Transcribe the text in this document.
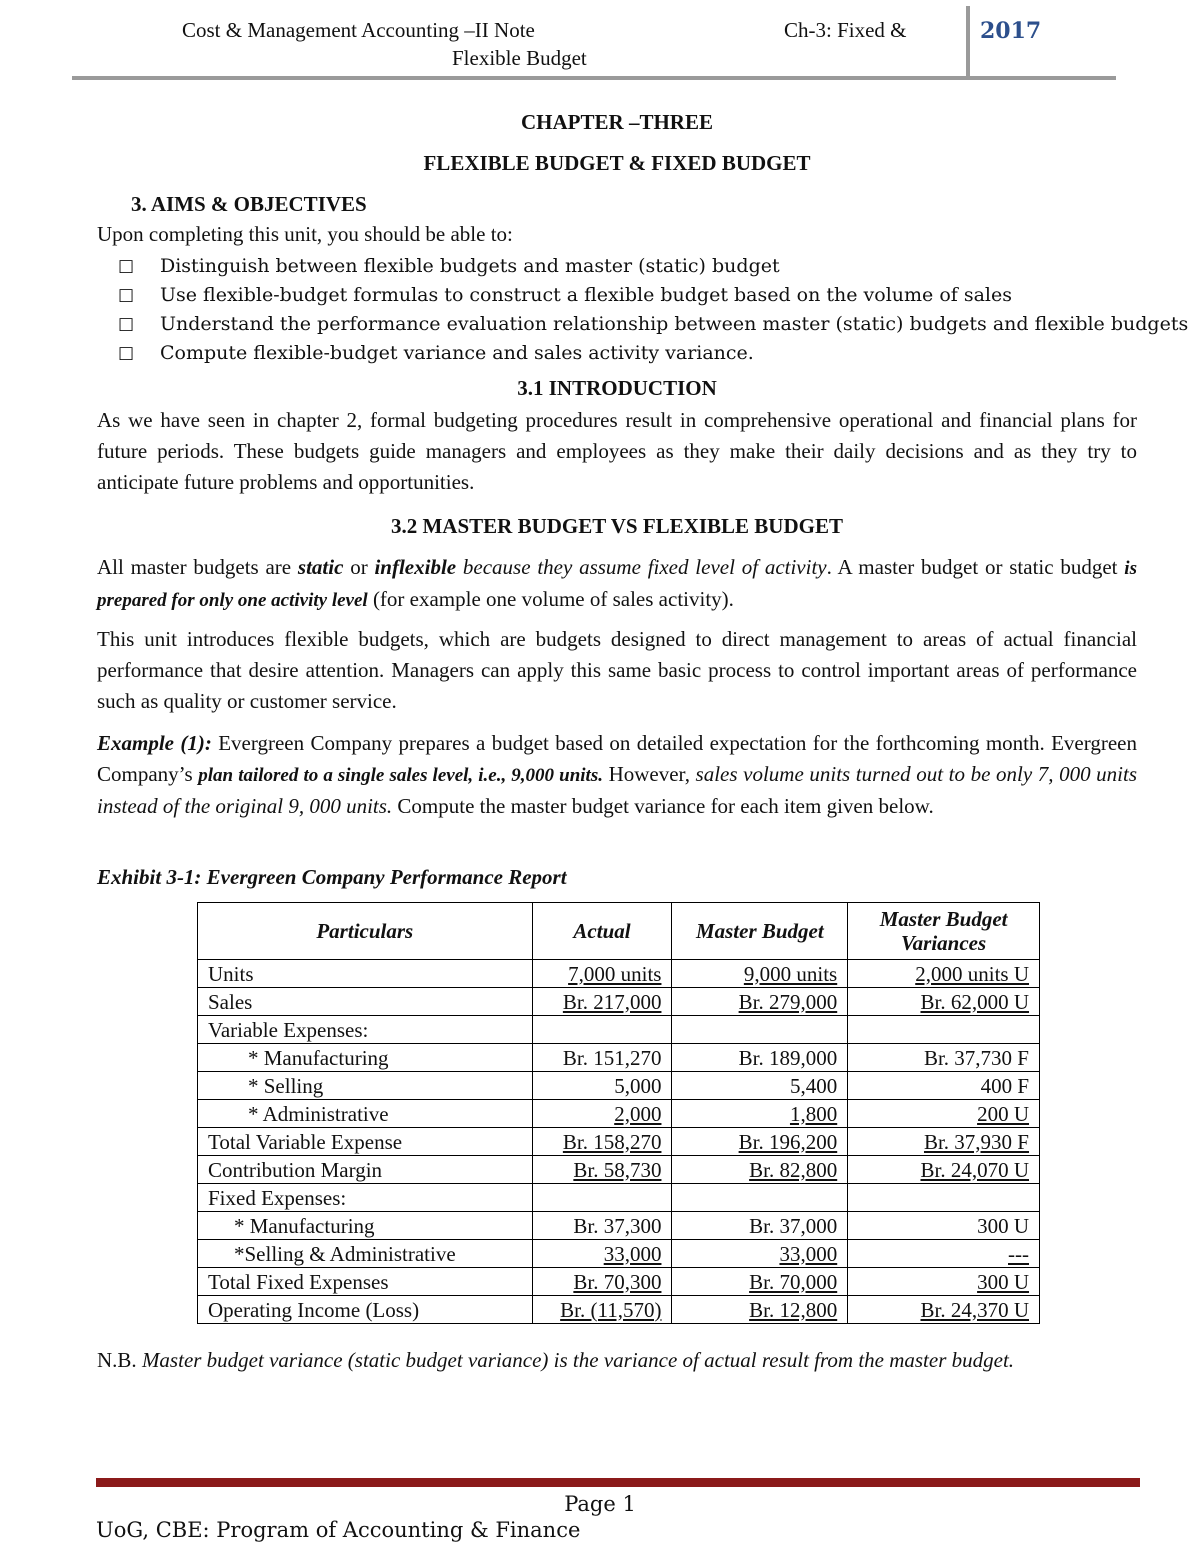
Cost & Management Accounting –II Note	Ch-3: Fixed &
Flexible Budget
2017
CHAPTER –THREE
FLEXIBLE BUDGET & FIXED BUDGET
3. AIMS & OBJECTIVES
Upon completing this unit, you should be able to:
□	Distinguish between flexible budgets and master (static) budget
□	Use flexible-budget formulas to construct a flexible budget based on the volume of sales
□	Understand the performance evaluation relationship between master (static) budgets and flexible budgets
□	Compute flexible-budget variance and sales activity variance.
3.1 INTRODUCTION
As we have seen in chapter 2, formal budgeting procedures result in comprehensive operational and financial plans for future periods. These budgets guide managers and employees as they make their daily decisions and as they try to anticipate future problems and opportunities.
3.2 MASTER BUDGET VS FLEXIBLE BUDGET
All master budgets are static or inflexible because they assume fixed level of activity. A master budget or static budget is prepared for only one activity level (for example one volume of sales activity).
This unit introduces flexible budgets, which are budgets designed to direct management to areas of actual financial performance that desire attention. Managers can apply this same basic process to control important areas of performance such as quality or customer service.
Example (1): Evergreen Company prepares a budget based on detailed expectation for the forthcoming month. Evergreen Company’s plan tailored to a single sales level, i.e., 9,000 units. However, sales volume units turned out to be only 7, 000 units instead of the original 9, 000 units. Compute the master budget variance for each item given below.
Exhibit 3-1: Evergreen Company Performance Report
Particulars	Actual	Master Budget	Master Budget Variances
Units	7,000 units	9,000 units	2,000 units U
Sales	Br. 217,000	Br. 279,000	Br. 62,000 U
Variable Expenses:			
* Manufacturing	Br. 151,270	Br. 189,000	Br. 37,730 F
* Selling	5,000	5,400	400 F
* Administrative	2,000	1,800	200 U
Total Variable Expense	Br. 158,270	Br. 196,200	Br. 37,930 F
Contribution Margin	Br. 58,730	Br. 82,800	Br. 24,070 U
Fixed Expenses:			
* Manufacturing	Br. 37,300	Br. 37,000	300 U
*Selling & Administrative	33,000	33,000	---
Total Fixed Expenses	Br. 70,300	Br. 70,000	300 U
Operating Income (Loss)	Br. (11,570)	Br. 12,800	Br. 24,370 U
N.B. Master budget variance (static budget variance) is the variance of actual result from the master budget.
Page 1
UoG, CBE: Program of Accounting & Finance
